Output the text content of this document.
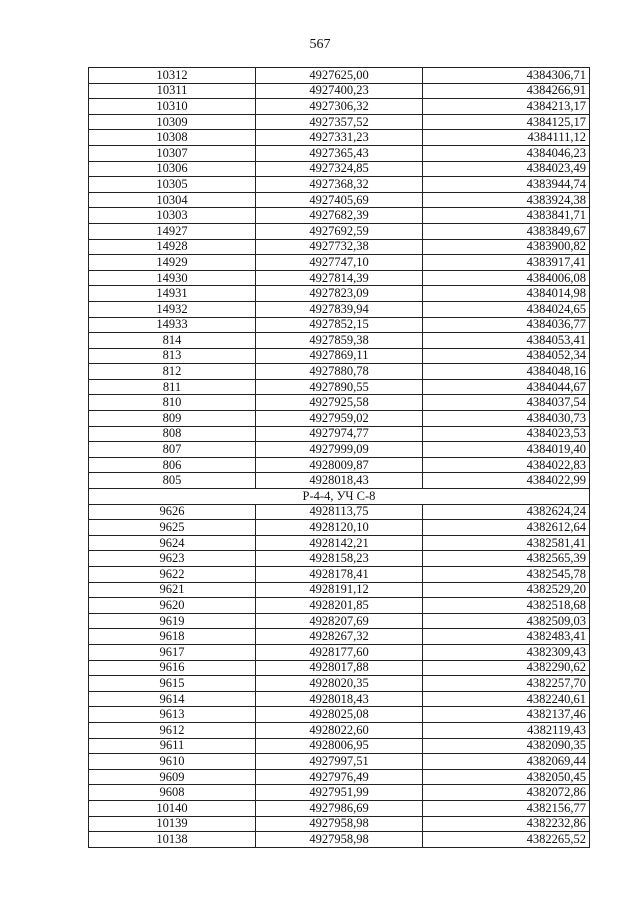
567
10312	4927625,00	4384306,71
10311	4927400,23	4384266,91
10310	4927306,32	4384213,17
10309	4927357,52	4384125,17
10308	4927331,23	4384111,12
10307	4927365,43	4384046,23
10306	4927324,85	4384023,49
10305	4927368,32	4383944,74
10304	4927405,69	4383924,38
10303	4927682,39	4383841,71
14927	4927692,59	4383849,67
14928	4927732,38	4383900,82
14929	4927747,10	4383917,41
14930	4927814,39	4384006,08
14931	4927823,09	4384014,98
14932	4927839,94	4384024,65
14933	4927852,15	4384036,77
814	4927859,38	4384053,41
813	4927869,11	4384052,34
812	4927880,78	4384048,16
811	4927890,55	4384044,67
810	4927925,58	4384037,54
809	4927959,02	4384030,73
808	4927974,77	4384023,53
807	4927999,09	4384019,40
806	4928009,87	4384022,83
805	4928018,43	4384022,99
Р-4-4, УЧ С-8		
9626	4928113,75	4382624,24
9625	4928120,10	4382612,64
9624	4928142,21	4382581,41
9623	4928158,23	4382565,39
9622	4928178,41	4382545,78
9621	4928191,12	4382529,20
9620	4928201,85	4382518,68
9619	4928207,69	4382509,03
9618	4928267,32	4382483,41
9617	4928177,60	4382309,43
9616	4928017,88	4382290,62
9615	4928020,35	4382257,70
9614	4928018,43	4382240,61
9613	4928025,08	4382137,46
9612	4928022,60	4382119,43
9611	4928006,95	4382090,35
9610	4927997,51	4382069,44
9609	4927976,49	4382050,45
9608	4927951,99	4382072,86
10140	4927986,69	4382156,77
10139	4927958,98	4382232,86
10138	4927958,98	4382265,52
